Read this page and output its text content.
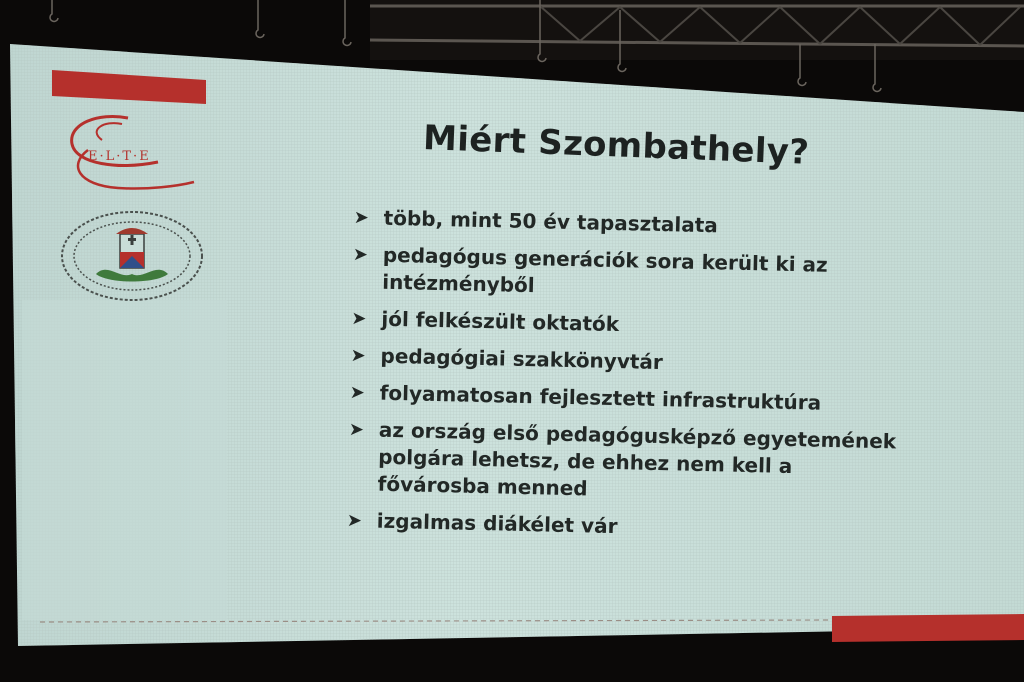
E·L·T·E	Miért Szombathely?
➤ több, mint 50 év tapasztalata
➤ pedagógus generációk sora került ki az intézményből
➤ jól felkészült oktatók
➤ pedagógiai szakkönyvtár
➤ folyamatosan fejlesztett infrastruktúra
➤ az ország első pedagógusképző egyetemének polgára lehetsz, de ehhez nem kell a fővárosba menned
➤ izgalmas diákélet vár
